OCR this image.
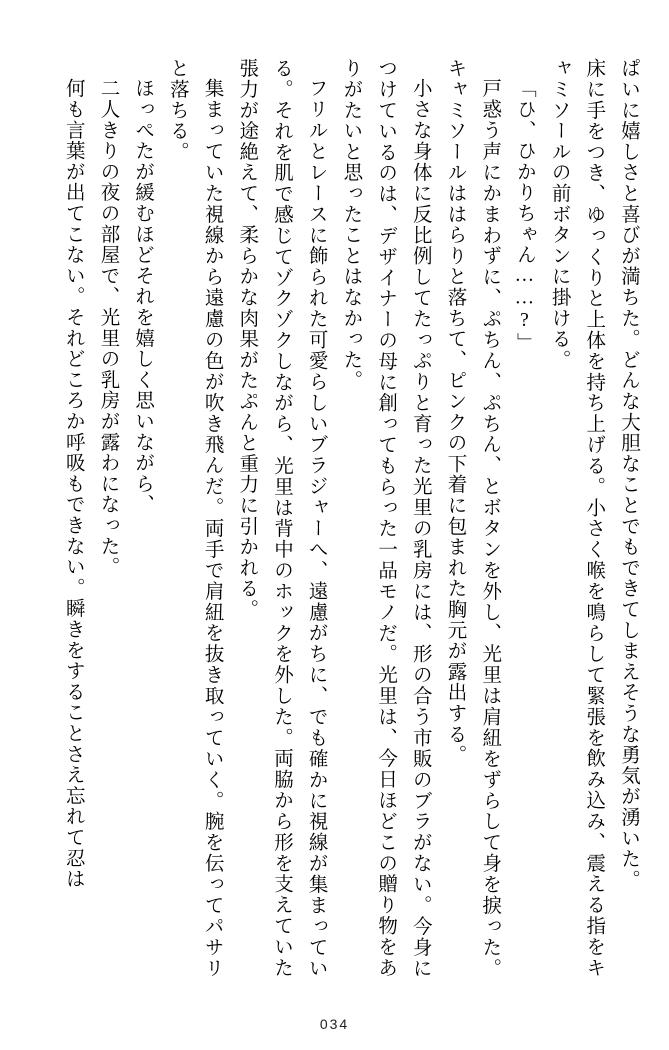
ぱいに嬉しさと喜びが満ちた。どんな大胆なことでもできてしまえそうな勇気が湧いた。

床に手をつき、ゆっくりと上体を持ち上げる。小さく喉を鳴らして緊張を飲み込み、震える指をキャミソールの前ボタンに掛ける。

「ひ、ひかりちゃん……?」

戸惑う声にかまわずに、ぷちん、ぷちん、とボタンを外し、光里は肩紐をずらして身を捩った。キャミソールははらりと落ちて、ピンクの下着に包まれた胸元が露出する。

小さな身体に反比例してたっぷりと育った光里の乳房には、形の合う市販のブラがない。今身につけているのは、デザイナーの母に創ってもらった一品モノだ。光里は、今日ほどこの贈り物をありがたいと思ったことはなかった。

フリルとレースに飾られた可愛らしいブラジャーへ、遠慮がちに、でも確かに視線が集まっている。それを肌で感じてゾクゾクしながら、光里は背中のホックを外した。両脇から形を支えていた張力が途絶えて、柔らかな肉果がたぷんと重力に引かれる。

集まっていた視線から遠慮の色が吹き飛んだ。両手で肩紐を抜き取っていく。腕を伝ってパサリと落ちる。

ほっぺたが緩むほどそれを嬉しく思いながら、

二人きりの夜の部屋で、光里の乳房が露わになった。

何も言葉が出てこない。それどころか呼吸もできない。瞬きをすることさえ忘れて忍は

034
